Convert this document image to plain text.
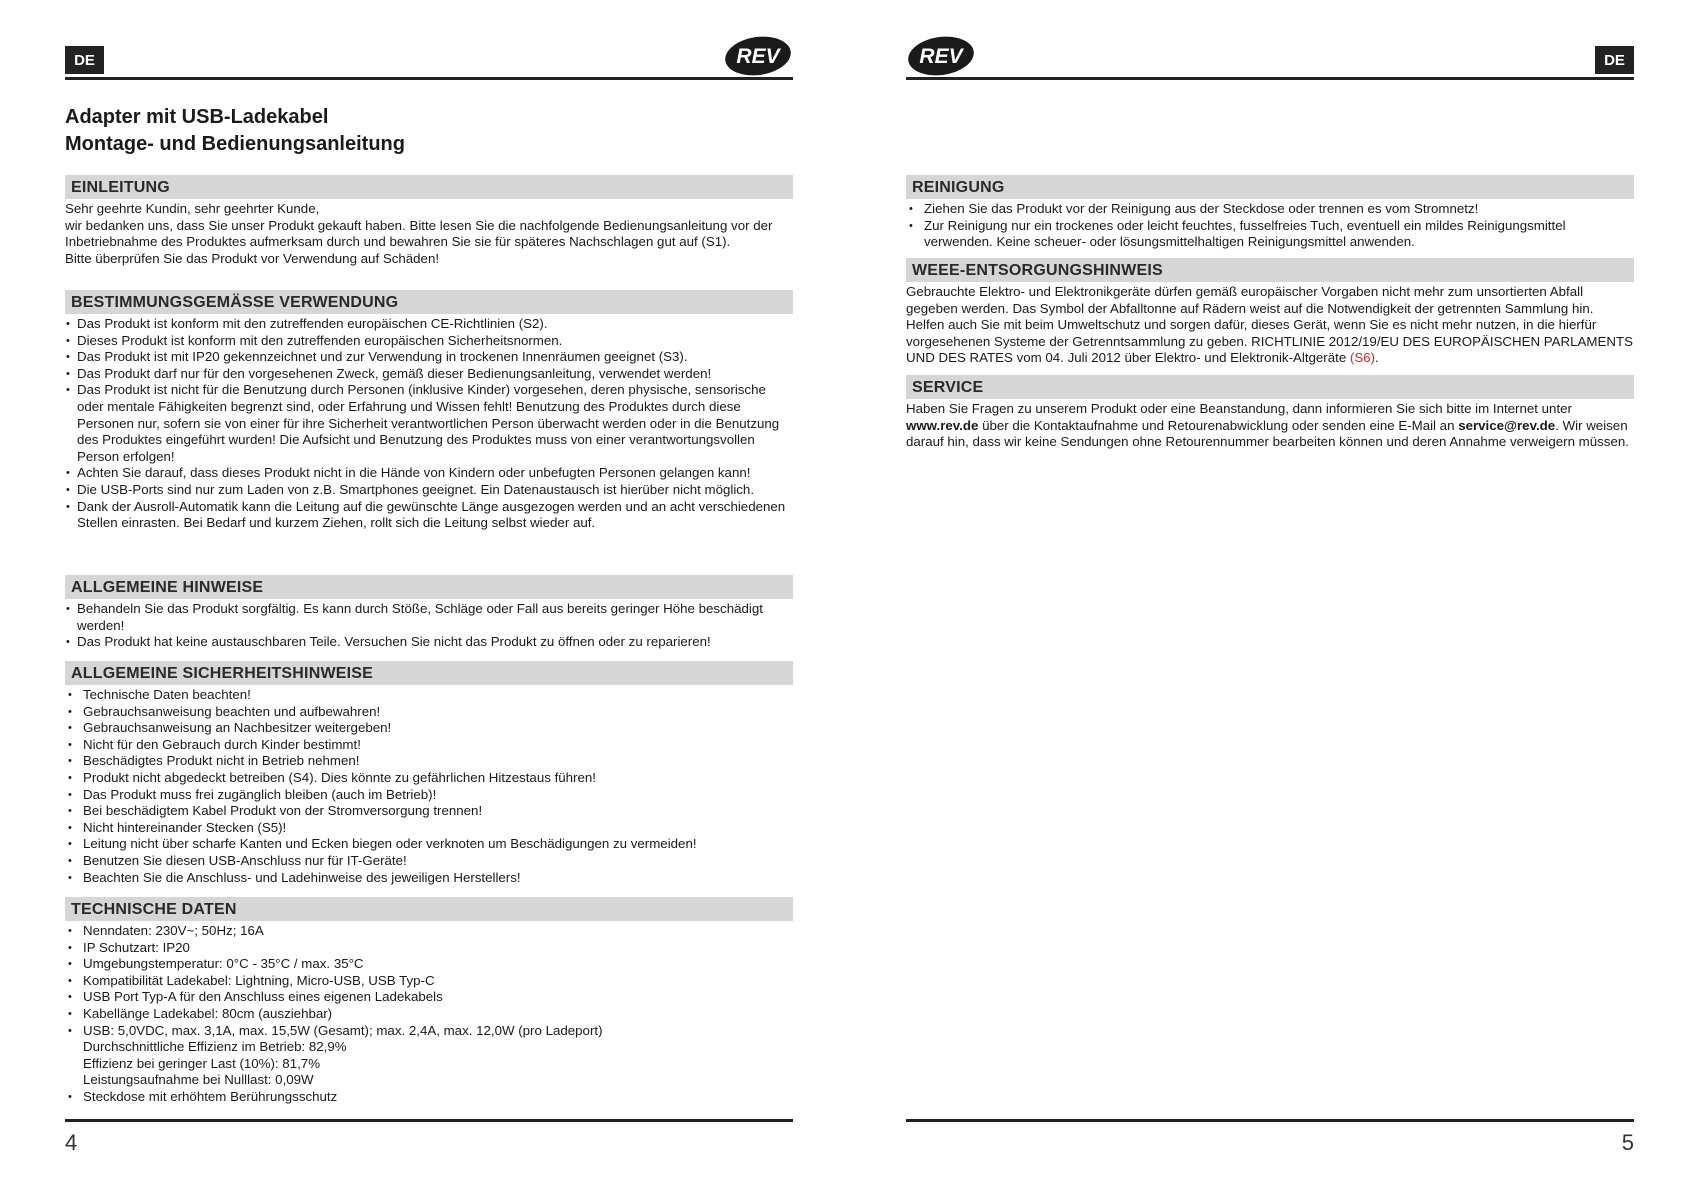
DE	REV
Adapter mit USB-Ladekabel
Montage- und Bedienungsanleitung
EINLEITUNG

Sehr geehrte Kundin, sehr geehrter Kunde,

wir bedanken uns, dass Sie unser Produkt gekauft haben. Bitte lesen Sie die nachfolgende Bedienungsanleitung vor der Inbetriebnahme des Produktes aufmerksam durch und bewahren Sie sie für späteres Nachschlagen gut auf (S1).

Bitte überprüfen Sie das Produkt vor Verwendung auf Schäden!

BESTIMMUNGSGEMÄSSE VERWENDUNG
• Das Produkt ist konform mit den zutreffenden europäischen CE-Richtlinien (S2).
• Dieses Produkt ist konform mit den zutreffenden europäischen Sicherheitsnormen.
• Das Produkt ist mit IP20 gekennzeichnet und zur Verwendung in trockenen Innenräumen geeignet (S3).
• Das Produkt darf nur für den vorgesehenen Zweck, gemäß dieser Bedienungsanleitung, verwendet werden!
• Das Produkt ist nicht für die Benutzung durch Personen (inklusive Kinder) vorgesehen, deren physische, sensorische oder mentale Fähigkeiten begrenzt sind, oder Erfahrung und Wissen fehlt! Benutzung des Produktes durch diese Personen nur, sofern sie von einer für ihre Sicherheit verantwortlichen Person überwacht werden oder in die Benutzung des Produktes eingeführt wurden! Die Aufsicht und Benutzung des Produktes muss von einer verantwortungsvollen Person erfolgen!
• Achten Sie darauf, dass dieses Produkt nicht in die Hände von Kindern oder unbefugten Personen gelangen kann!
• Die USB-Ports sind nur zum Laden von z.B. Smartphones geeignet. Ein Datenaustausch ist hierüber nicht möglich.
• Dank der Ausroll-Automatik kann die Leitung auf die gewünschte Länge ausgezogen werden und an acht verschiedenen Stellen einrasten. Bei Bedarf und kurzem Ziehen, rollt sich die Leitung selbst wieder auf.
ALLGEMEINE HINWEISE
• Behandeln Sie das Produkt sorgfältig. Es kann durch Stöße, Schläge oder Fall aus bereits geringer Höhe beschädigt werden!
• Das Produkt hat keine austauschbaren Teile. Versuchen Sie nicht das Produkt zu öffnen oder zu reparieren!
ALLGEMEINE SICHERHEITSHINWEISE
• Technische Daten beachten!
• Gebrauchsanweisung beachten und aufbewahren!
• Gebrauchsanweisung an Nachbesitzer weitergeben!
• Nicht für den Gebrauch durch Kinder bestimmt!
• Beschädigtes Produkt nicht in Betrieb nehmen!
• Produkt nicht abgedeckt betreiben (S4). Dies könnte zu gefährlichen Hitzestaus führen!
• Das Produkt muss frei zugänglich bleiben (auch im Betrieb)!
• Bei beschädigtem Kabel Produkt von der Stromversorgung trennen!
• Nicht hintereinander Stecken (S5)!
• Leitung nicht über scharfe Kanten und Ecken biegen oder verknoten um Beschädigungen zu vermeiden!
• Benutzen Sie diesen USB-Anschluss nur für IT-Geräte!
• Beachten Sie die Anschluss- und Ladehinweise des jeweiligen Herstellers!
TECHNISCHE DATEN
• Nenndaten: 230V~; 50Hz; 16A
• IP Schutzart: IP20
• Umgebungstemperatur: 0°C - 35°C / max. 35°C
• Kompatibilität Ladekabel: Lightning, Micro-USB, USB Typ-C
• USB Port Typ-A für den Anschluss eines eigenen Ladekabels
• Kabellänge Ladekabel: 80cm (ausziehbar)
• USB: 5,0VDC, max. 3,1A, max. 15,5W (Gesamt); max. 2,4A, max. 12,0W (pro Ladeport)
Durchschnittliche Effizienz im Betrieb: 82,9%
Effizienz bei geringer Last (10%): 81,7%
Leistungsaufnahme bei Nulllast: 0,09W
• Steckdose mit erhöhtem Berührungsschutz
4
REV	DE
REINIGUNG
• Ziehen Sie das Produkt vor der Reinigung aus der Steckdose oder trennen es vom Stromnetz!
• Zur Reinigung nur ein trockenes oder leicht feuchtes, fusselfreies Tuch, eventuell ein mildes Reinigungsmittel verwenden. Keine scheuer- oder lösungsmittelhaltigen Reinigungsmittel anwenden.
WEEE-ENTSORGUNGSHINWEIS
Gebrauchte Elektro- und Elektronikgeräte dürfen gemäß europäischer Vorgaben nicht mehr zum unsortierten Abfall gegeben werden. Das Symbol der Abfalltonne auf Rädern weist auf die Notwendigkeit der getrennten Sammlung hin. Helfen auch Sie mit beim Umweltschutz und sorgen dafür, dieses Gerät, wenn Sie es nicht mehr nutzen, in die hierfür vorgesehenen Systeme der Getrenntsammlung zu geben. RICHTLINIE 2012/19/EU DES EUROPÄISCHEN PARLAMENTS UND DES RATES vom 04. Juli 2012 über Elektro- und Elektronik-Altgeräte (S6).
SERVICE
Haben Sie Fragen zu unserem Produkt oder eine Beanstandung, dann informieren Sie sich bitte im Internet unter www.rev.de über die Kontaktaufnahme und Retourenabwicklung oder senden eine E-Mail an service@rev.de. Wir weisen darauf hin, dass wir keine Sendungen ohne Retourennummer bearbeiten können und deren Annahme verweigern müssen.
5
